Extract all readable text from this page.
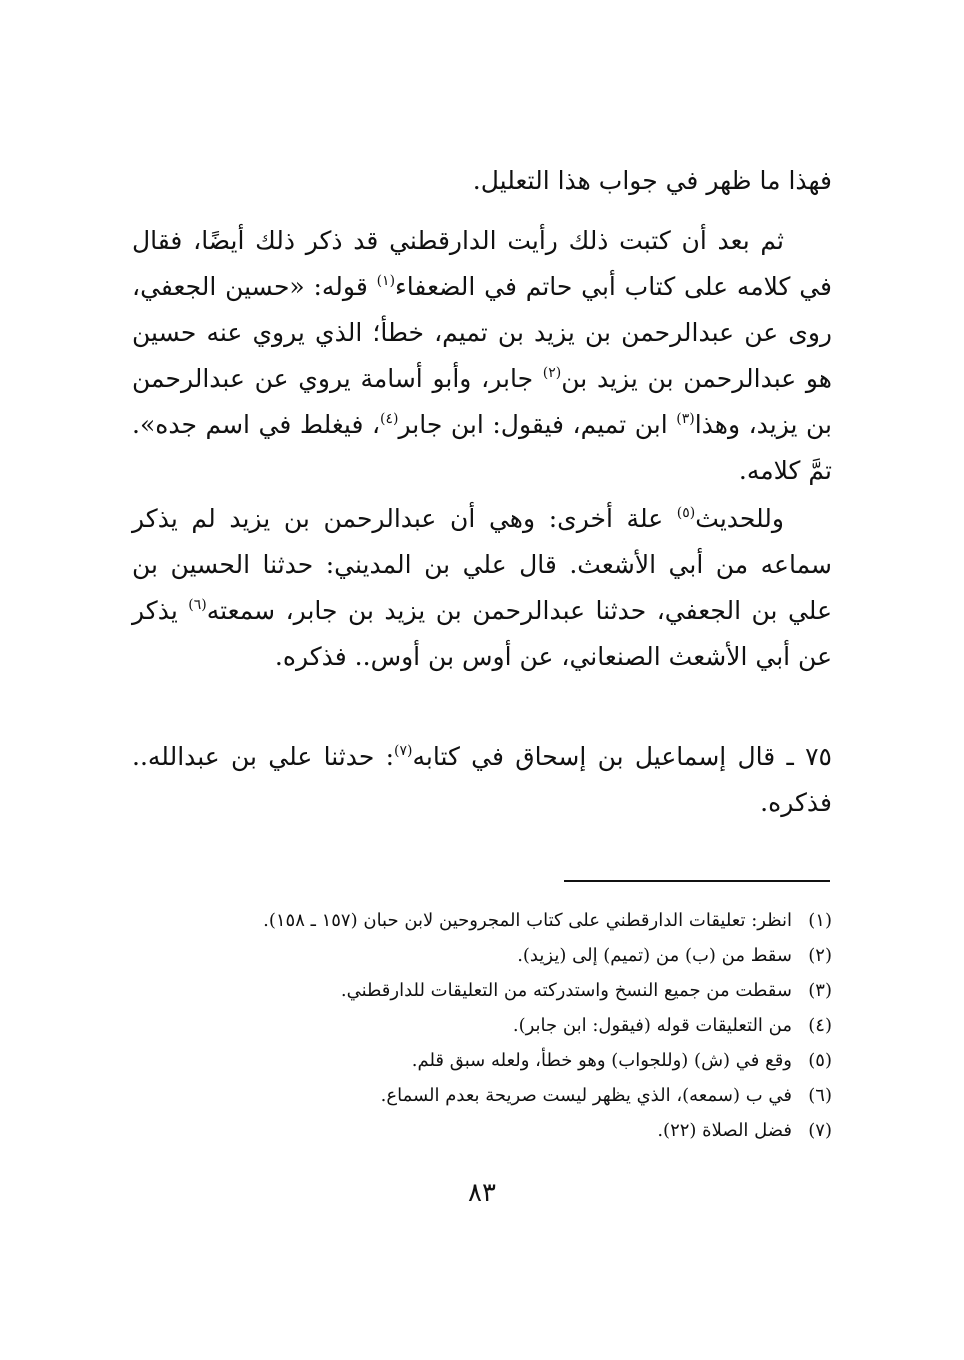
فهذا ما ظهر في جواب هذا التعليل.

ثم بعد أن كتبت ذلك رأيت الدارقطني قد ذكر ذلك أيضًا، فقال في كلامه على كتاب أبي حاتم في الضعفاء$^{(١)}$ قوله: «حسين الجعفي، روى عن عبدالرحمن بن يزيد بن تميم، خطأ؛ الذي يروي عنه حسين هو عبدالرحمن بن يزيد بن$^{(٢)}$ جابر، وأبو أسامة يروي عن عبدالرحمن بن يزيد، وهذا$^{(٣)}$ ابن تميم، فيقول: ابن جابر$^{(٤)}$، فيغلط في اسم جده». تمَّ كلامه.

وللحديث$^{(٥)}$ علة أخرى: وهي أن عبدالرحمن بن يزيد لم يذكر سماعه من أبي الأشعث. قال علي بن المديني: حدثنا الحسين بن علي بن الجعفي، حدثنا عبدالرحمن بن يزيد بن جابر، سمعته$^{(٦)}$ يذكر عن أبي الأشعث الصنعاني، عن أوس بن أوس.. فذكره.

٧٥ ـ قال إسماعيل بن إسحاق في كتابه$^{(٧)}$: حدثنا علي بن عبدالله.. فذكره.

(١)
انظر: تعليقات الدارقطني على كتاب المجروحين لابن حبان (١٥٧ ـ ١٥٨).
(٢)
سقط من (ب) من (تميم) إلى (يزيد).
(٣)
سقطت من جميع النسخ واستدركته من التعليقات للدارقطني.
(٤)
من التعليقات قوله (فيقول: ابن جابر).
(٥)
وقع في (ش) (وللجواب) وهو خطأ، ولعله سبق قلم.
(٦)
في ب (سمعه)، الذي يظهر ليست صريحة بعدم السماع.
(٧)
فضل الصلاة (٢٢).
٨٣
